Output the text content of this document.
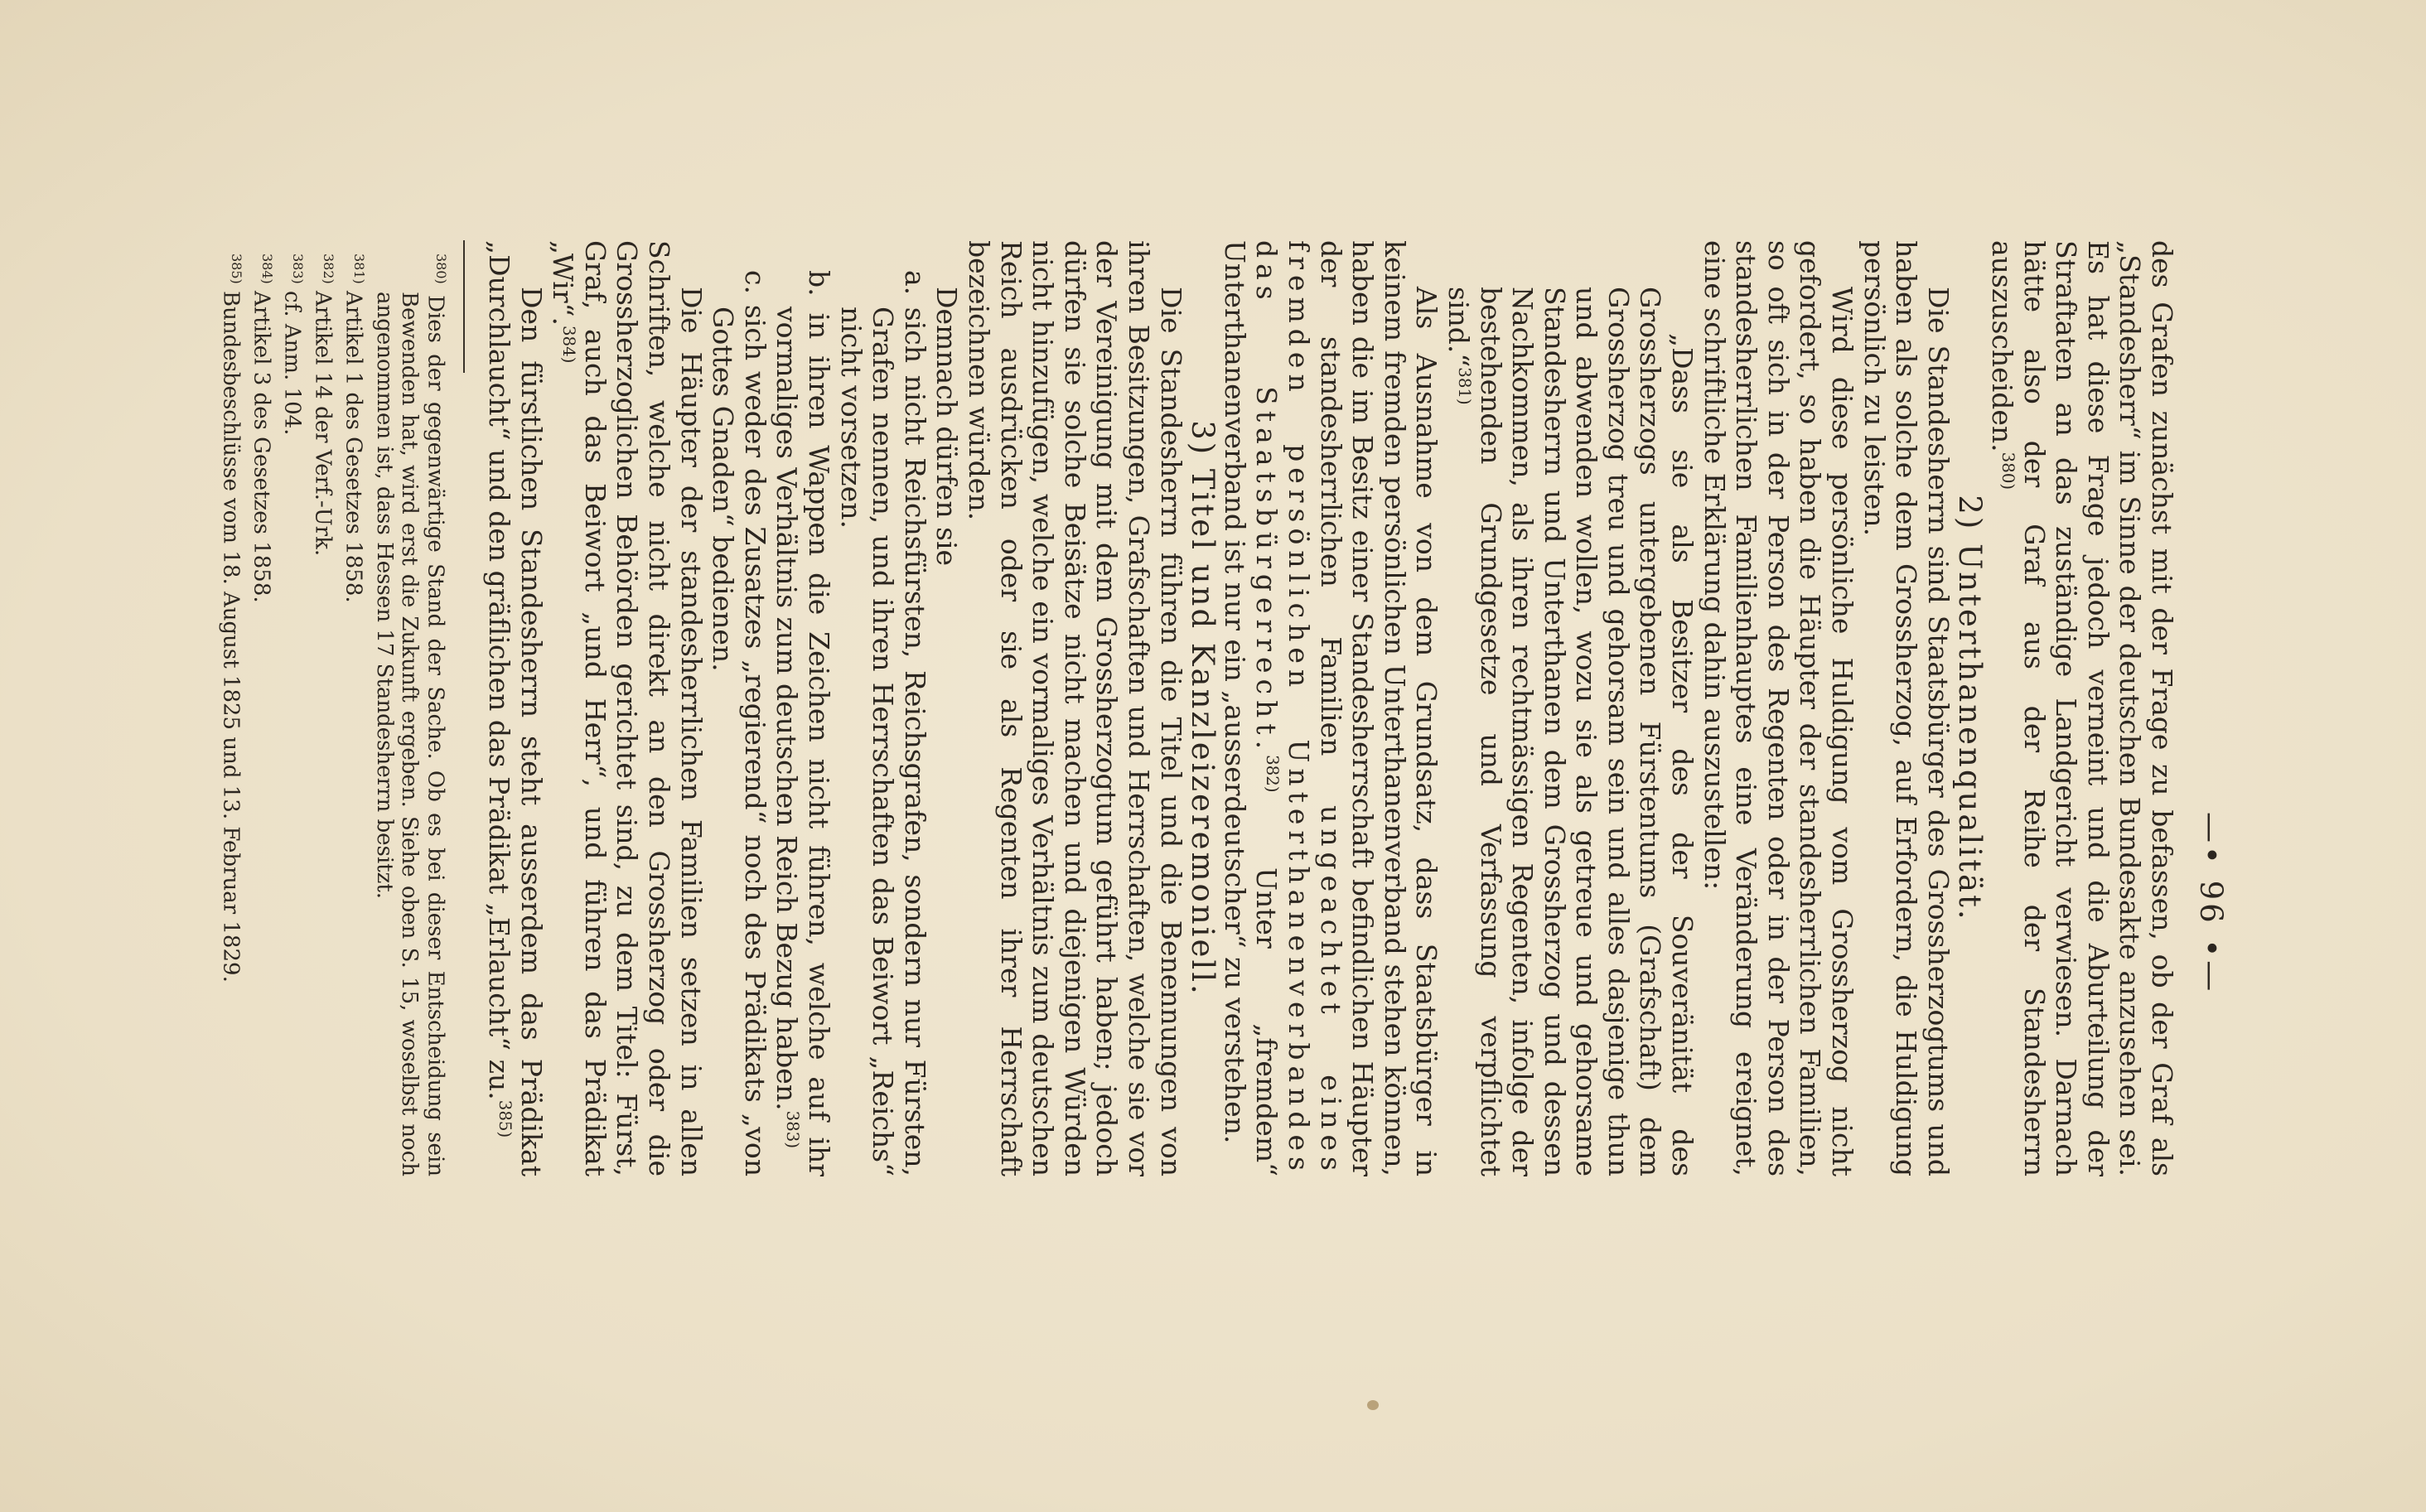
—• 96 •—

des Grafen zunächst mit der Frage zu befassen, ob der Graf als „Standesherr“ im Sinne der deutschen Bundesakte anzusehen sei. Es hat diese Frage jedoch verneint und die Aburteilung der Straftaten an das zuständige Landgericht verwiesen. Darnach hätte also der Graf aus der Reihe der Standesherrn auszuscheiden.$^{380)}$

2) Unterthanenqualität.

Die Standesherrn sind Staatsbürger des Grossherzogtums und haben als solche dem Grossherzog, auf Erfordern, die Huldigung persönlich zu leisten.

Wird diese persönliche Huldigung vom Grossherzog nicht gefordert, so haben die Häupter der standesherrlichen Familien, so oft sich in der Person des Regenten oder in der Person des standesherrlichen Familienhauptes eine Veränderung ereignet, eine schriftliche Erklärung dahin auszustellen:

„Dass sie als Besitzer des der Souveränität des Grossherzogs untergebenen Fürstentums (Grafschaft) dem Grossherzog treu und gehorsam sein und alles dasjenige thun und abwenden wollen, wozu sie als getreue und gehorsame Standesherrn und Unterthanen dem Grossherzog und dessen Nachkommen, als ihren rechtmässigen Regenten, infolge der bestehenden Grundgesetze und Verfassung verpflichtet sind.“$^{381)}$

Als Ausnahme von dem Grundsatz, dass Staatsbürger in keinem fremden persönlichen Unterthanenverband stehen können, haben die im Besitz einer Standesherrschaft befindlichen Häupter der standesherrlichen Familien ungeachtet eines fremden persönlichen Unterthanenverbandes das Staatsbürgerrecht.$^{382)}$ Unter „fremdem“ Unterthanenverband ist nur ein „ausserdeutscher“ zu verstehen.

3) Titel und Kanzleizeremoniell.

Die Standesherrn führen die Titel und die Benennungen von ihren Besitzungen, Grafschaften und Herrschaften, welche sie vor der Vereinigung mit dem Grossherzogtum geführt haben; jedoch dürfen sie solche Beisätze nicht machen und diejenigen Würden nicht hinzufügen, welche ein vormaliges Verhältnis zum deutschen Reich ausdrücken oder sie als Regenten ihrer Herrschaft bezeichnen würden.

Demnach dürfen sie

a. sich nicht Reichsfürsten, Reichsgrafen, sondern nur Fürsten, Grafen nennen, und ihren Herrschaften das Beiwort „Reichs“ nicht vorsetzen.

b. in ihren Wappen die Zeichen nicht führen, welche auf ihr vormaliges Verhältnis zum deutschen Reich Bezug haben.$^{383)}$

c. sich weder des Zusatzes „regierend“ noch des Prädikats „von Gottes Gnaden“ bedienen.

Die Häupter der standesherrlichen Familien setzen in allen Schriften, welche nicht direkt an den Grossherzog oder die Grossherzoglichen Behörden gerichtet sind, zu dem Titel: Fürst, Graf, auch das Beiwort „und Herr“, und führen das Prädikat „Wir“.$^{384)}$

Den fürstlichen Standesherrn steht ausserdem das Prädikat „Durchlaucht“ und den gräflichen das Prädikat „Erlaucht“ zu.$^{385)}$

$^{380)}$ Dies der gegenwärtige Stand der Sache. Ob es bei dieser Entscheidung sein Bewenden hat, wird erst die Zukunft ergeben. Siehe oben S. 15, woselbst noch angenommen ist, dass Hessen 17 Standesherrn besitzt.

$^{381)}$ Artikel 1 des Gesetzes 1858.

$^{382)}$ Artikel 14 der Verf.-Urk.

$^{383)}$ cf. Anm. 104.

$^{384)}$ Artikel 3 des Gesetzes 1858.

$^{385)}$ Bundesbeschlüsse vom 18. August 1825 und 13. Februar 1829.
